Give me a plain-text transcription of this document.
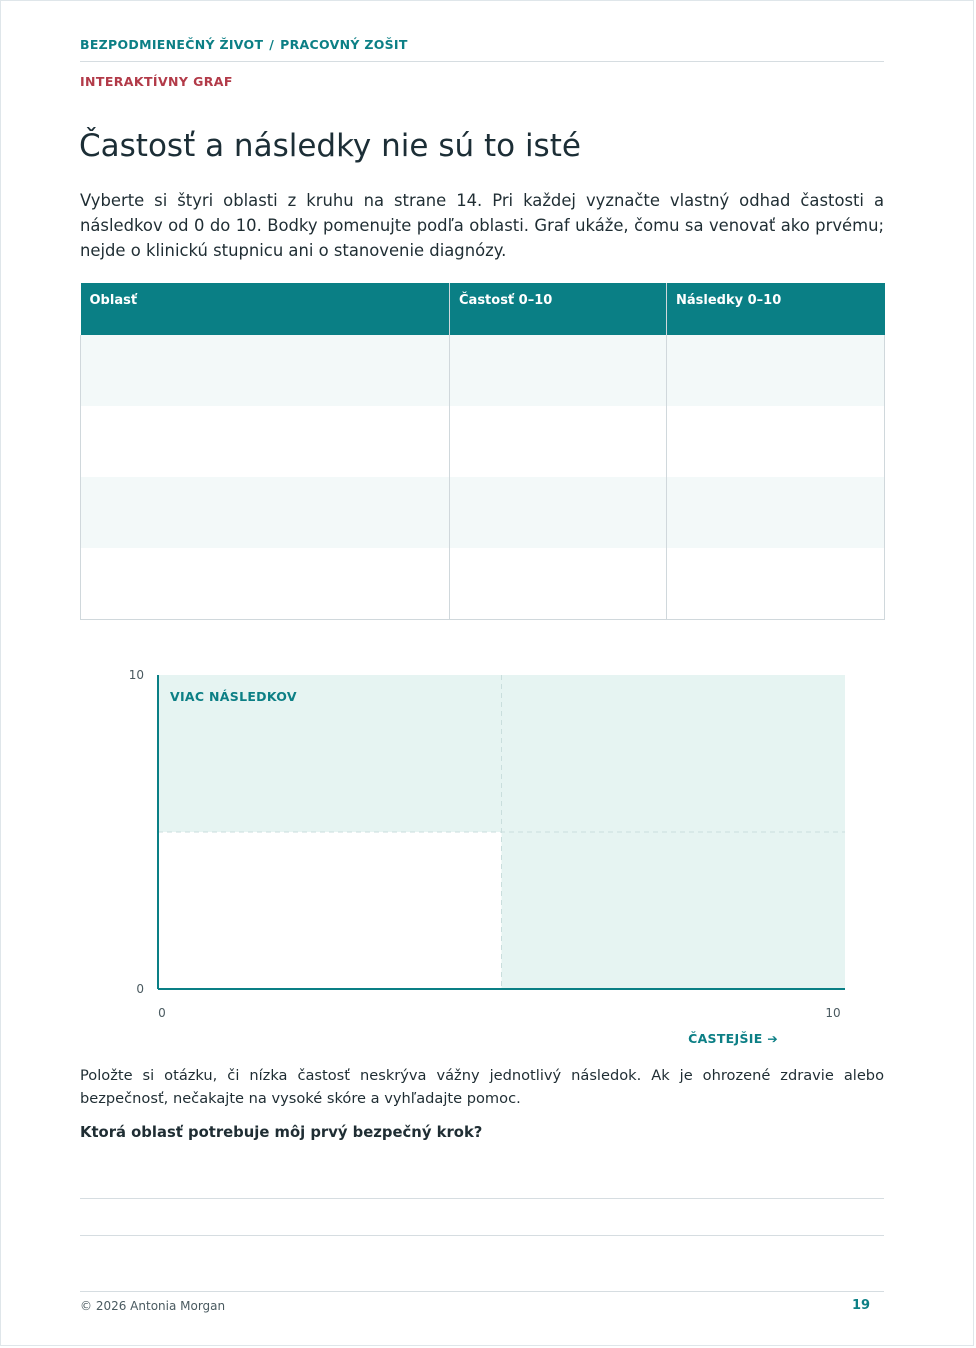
BEZPODMIENEČNÝ ŽIVOT / PRACOVNÝ ZOŠIT
INTERAKTÍVNY GRAF
Častosť a následky nie sú to isté

Vyberte si štyri oblasti z kruhu na strane 14. Pri každej vyznačte vlastný odhad častosti a následkov od 0 do 10. Bodky pomenujte podľa oblasti. Graf ukáže, čomu sa venovať ako prvému; nejde o klinickú stupnicu ani o stanovenie diagnózy.

Oblasť	Častosť 0–10	Následky 0–10

10
0
0	10
VIAC NÁSLEDKOV
ČASTEJŠIE ➔

Položte si otázku, či nízka častosť neskrýva vážny jednotlivý následok. Ak je ohrozené zdravie alebo bezpečnosť, nečakajte na vysoké skóre a vyhľadajte pomoc.

Ktorá oblasť potrebuje môj prvý bezpečný krok?

© 2026 Antonia Morgan	19
